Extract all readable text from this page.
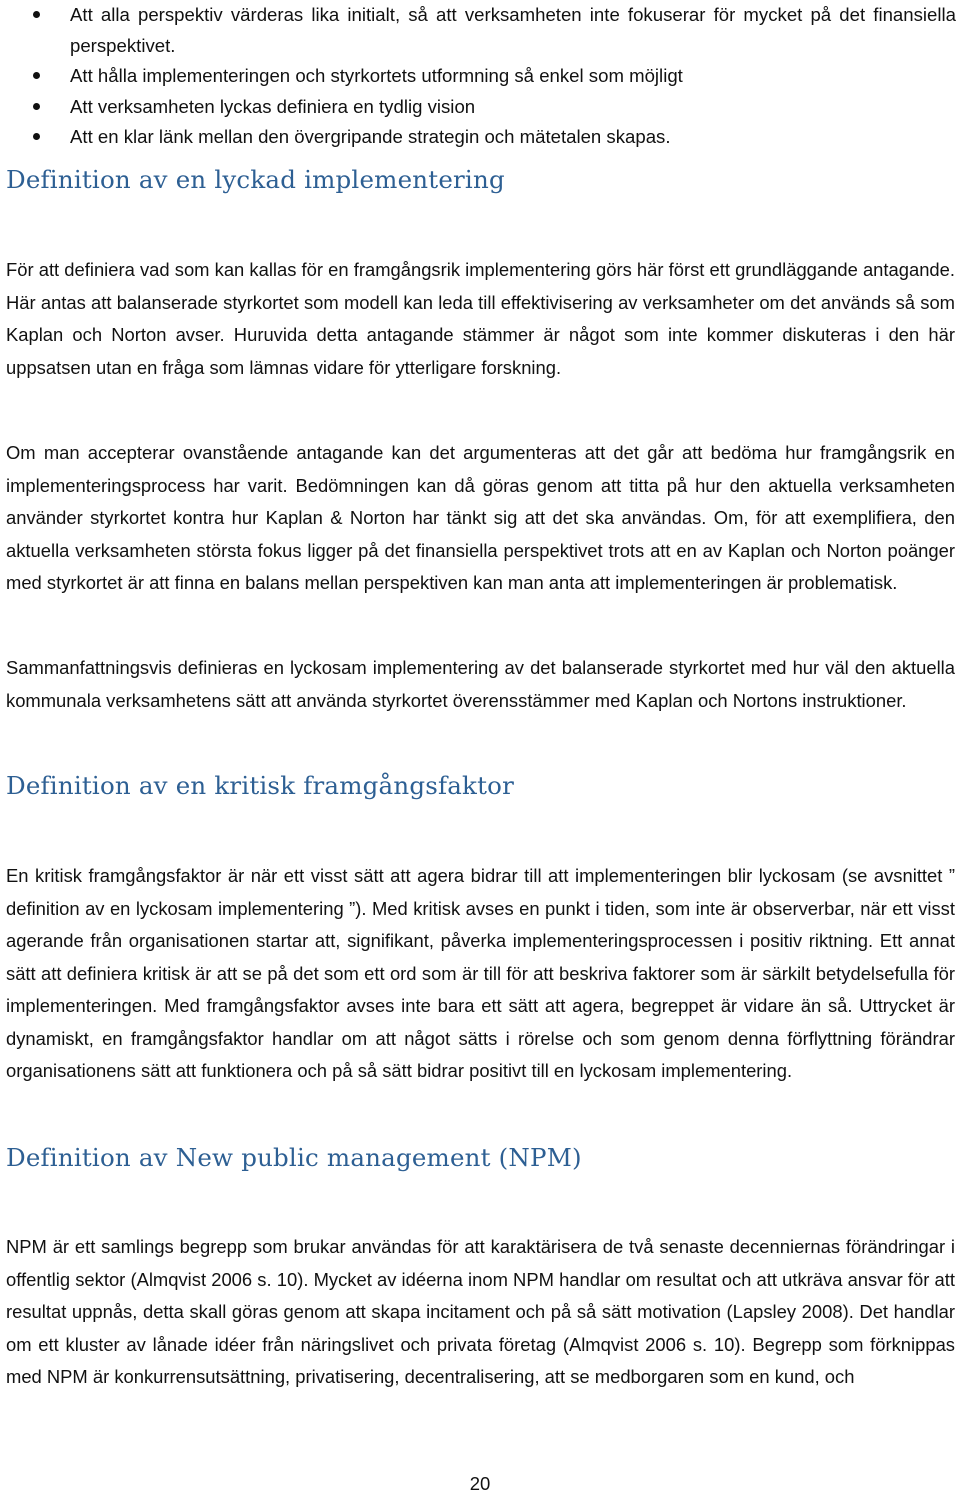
Att alla perspektiv värderas lika initialt, så att verksamheten inte fokuserar för mycket på det finansiella perspektivet.
Att hålla implementeringen och styrkortets utformning så enkel som möjligt
Att verksamheten lyckas definiera en tydlig vision
Att en klar länk mellan den övergripande strategin och mätetalen skapas.
Definition av en lyckad implementering

För att definiera vad som kan kallas för en framgångsrik implementering görs här först ett grundläggande antagande. Här antas att balanserade styrkortet som modell kan leda till effektivisering av verksamheter om det används så som Kaplan och Norton avser. Huruvida detta antagande stämmer är något som inte kommer diskuteras i den här uppsatsen utan en fråga som lämnas vidare för ytterligare forskning.

Om man accepterar ovanstående antagande kan det argumenteras att det går att bedöma hur framgångsrik en implementeringsprocess har varit. Bedömningen kan då göras genom att titta på hur den aktuella verksamheten använder styrkortet kontra hur Kaplan & Norton har tänkt sig att det ska användas. Om, för att exemplifiera, den aktuella verksamheten största fokus ligger på det finansiella perspektivet trots att en av Kaplan och Norton poänger med styrkortet är att finna en balans mellan perspektiven kan man anta att implementeringen är problematisk.

Sammanfattningsvis definieras en lyckosam implementering av det balanserade styrkortet med hur väl den aktuella kommunala verksamhetens sätt att använda styrkortet överensstämmer med Kaplan och Nortons instruktioner.

Definition av en kritisk framgångsfaktor

En kritisk framgångsfaktor är när ett visst sätt att agera bidrar till att implementeringen blir lyckosam (se avsnittet ” definition av en lyckosam implementering ”). Med kritisk avses en punkt i tiden, som inte är observerbar, när ett visst agerande från organisationen startar att, signifikant, påverka implementeringsprocessen i positiv riktning. Ett annat sätt att definiera kritisk är att se på det som ett ord som är till för att beskriva faktorer som är särkilt betydelsefulla för implementeringen. Med framgångsfaktor avses inte bara ett sätt att agera, begreppet är vidare än så. Uttrycket är dynamiskt, en framgångsfaktor handlar om att något sätts i rörelse och som genom denna förflyttning förändrar organisationens sätt att funktionera och på så sätt bidrar positivt till en lyckosam implementering.

Definition av New public management (NPM)

NPM är ett samlings begrepp som brukar användas för att karaktärisera de två senaste decenniernas förändringar i offentlig sektor (Almqvist 2006 s. 10). Mycket av idéerna inom NPM handlar om resultat och att utkräva ansvar för att resultat uppnås, detta skall göras genom att skapa incitament och på så sätt motivation (Lapsley 2008). Det handlar om ett kluster av lånade idéer från näringslivet och privata företag (Almqvist 2006 s. 10). Begrepp som förknippas med NPM är konkurrensutsättning, privatisering, decentralisering, att se medborgaren som en kund, och

20
